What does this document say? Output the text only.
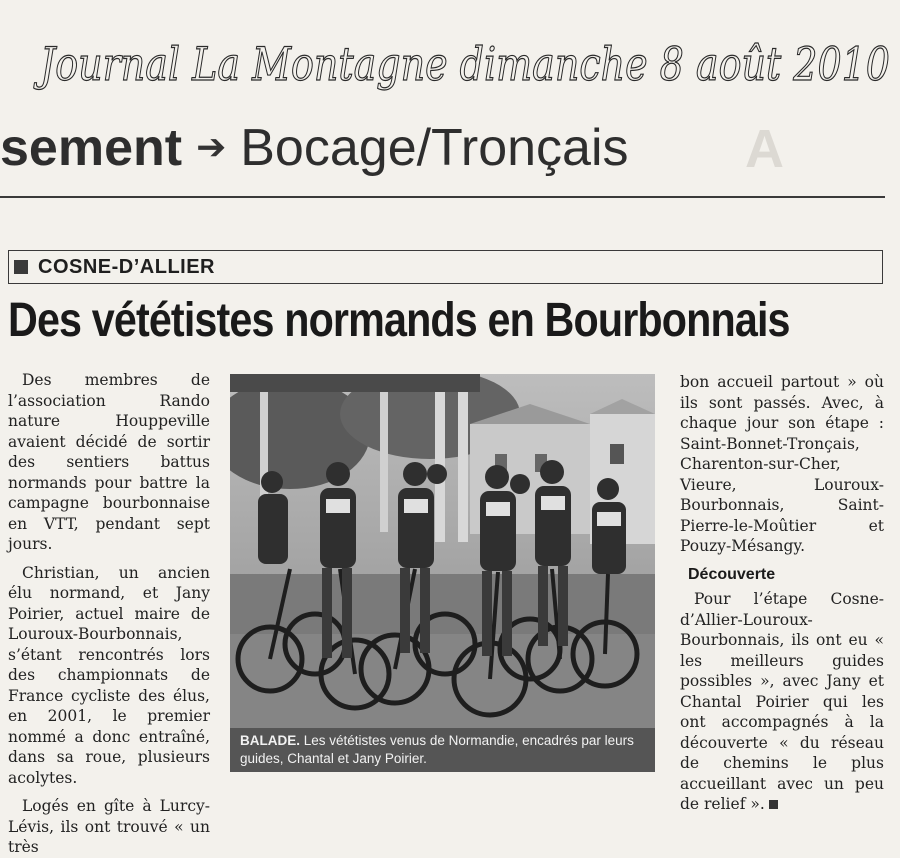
Journal La Montagne dimanche 8 août 2010
sement ➔ Bocage/Tronçais A
COSNE-D’ALLIER
Des vététistes normands en Bourbonnais

Des membres de l’association Rando nature Houppeville avaient décidé de sortir des sentiers battus normands pour battre la campagne bourbonnaise en VTT, pendant sept jours.

Christian, un ancien élu normand, et Jany Poirier, actuel maire de Louroux-Bourbonnais, s’étant rencontrés lors des championnats de France cycliste des élus, en 2001, le premier nommé a donc entraîné, dans sa roue, plusieurs acolytes.

Logés en gîte à Lurcy-Lévis, ils ont trouvé « un très

BALADE. Les vététistes venus de Normandie, encadrés par leurs guides, Chantal et Jany Poirier.

bon accueil partout » où ils sont passés. Avec, à chaque jour son étape : Saint-Bonnet-Tronçais, Charenton-sur-Cher, Vieure, Louroux-Bourbonnais, Saint-Pierre-le-Moûtier et Pouzy-Mésangy.

Découverte

Pour l’étape Cosne-d’Allier-Louroux-Bourbonnais, ils ont eu « les meilleurs guides possibles », avec Jany et Chantal Poirier qui les ont accompagnés à la découverte « du réseau de chemins le plus accueillant avec un peu de relief ».
